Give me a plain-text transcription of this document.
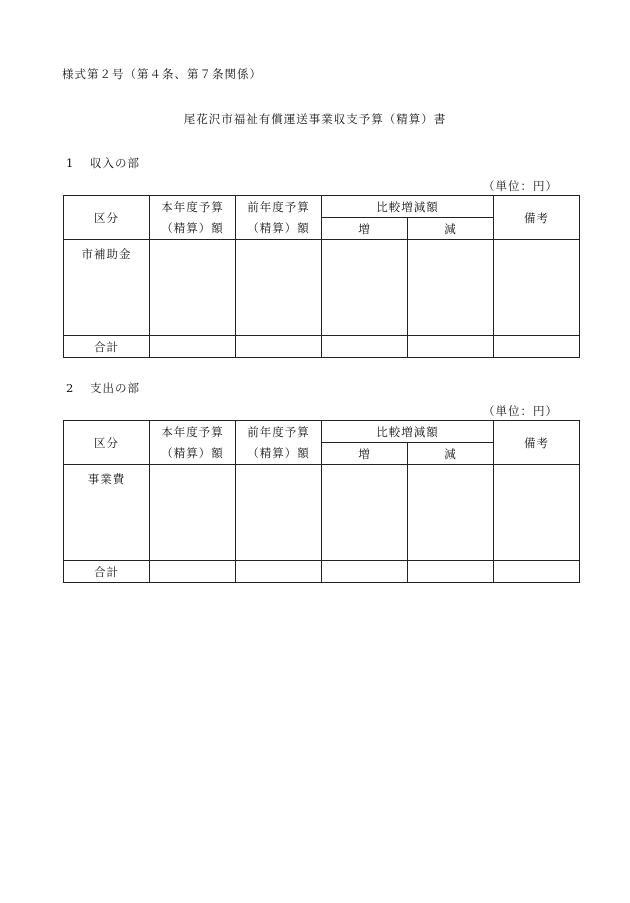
様式第２号（第４条、第７条関係）
尾花沢市福祉有償運送事業収支予算（精算）書
1 収入の部
（単位：円）
区分	本年度予算	前年度予算	比較増減額		備考
	（精算）額	（精算）額	増	減	
市補助金					
合計					
2 支出の部
（単位：円）
区分	本年度予算	前年度予算	比較増減額		備考
	（精算）額	（精算）額	増	減	
事業費					
合計					
